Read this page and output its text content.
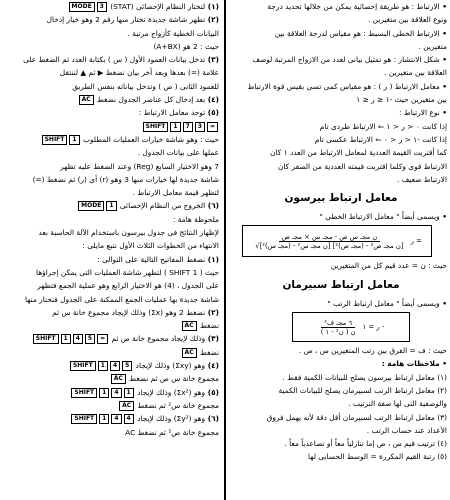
• الارتباط : هو طريقة إحصائية يمكن من خلالها تحديد درجة
ونوع العلاقة بين متغيرين .
• الارتباط الخطى البسيط : هو مقياس لدرجة العلاقة بين
متغيرين .
• شكل الانتشار : هو تمثيل بيانى لعدد من الازواج المرتبة لوصف
العلاقة بين متغيرين .
• معامل الارتباط ( ر ) : هو مقياس كمى تسى بقيس قوة الارتباط
بين متغيرين حيث -١ ≤ ر ≤ ١
• نوع الارتباط :
إذا كانت ٠ < ر < ١ ⇐ الارتباط طردى تام
إذا كانت -١ < ر < ٠ ⇐ الارتباط عكسى تام
كما أقتربت القيمة العددية لمعامل الارتباط من العدد ١ كان
الارتباط قوى وكلما اقتربت قيمته العددية من الصفر كان
الارتباط ضعيف .
معامل ارتباط بيرسون
• ويسمى أيضاً " معامل الارتباط الخطى "
$\frac{\text{ن مجـ س ص - مجـ س × مجـ ص}}{\text{√[ن مجـ س² - (مجـ س)²] [ن مجـ ص² - (مجـ ص)²]}}$ ر =
حيث : ن = عدد قيم كل من المتغيرين
معامل ارتباط سبيرمان
• ويسمى أيضاً " معامل ارتباط الرتب "
$\frac{\text{٦ مجـ ف²}}{\text{ن ( ن² - ١ )}}$ ر = ١ -
حيث : ف = الفرق بين رتب المتغيرين س ، ص .
• ملاحظات هامة :
(١) معامل ارتباط بيرسون يصلح للبيانات الكمية فقط .
(٢) معامل ارتباط الرتب لسبيرمان يصلح للبيانات الكمية
والوصفية التى لها صفة الترتيب .
(٣) معامل ارتباط الرتب لسبيرمان أقل دقة لأنه يهمل فروق
الأعداد عند حساب الرتب .
(٤) ترتيب قيم س ، ص إما تنازلياً معاً أو تصاعدياً معاً .
(٥) رتبة القيم المكررة = الوسط الحسابى لها
(١) لتختار النظام الإحصائى (STAT)
MODE	3
(٢) تظهر شاشة جديدة تختار منها رقم 2 وهو خيار إدخال
البيانات الخطية كأزواج مرتبة .
حيث : 2 هو (A+BX)
(٣) تدخل بيانات العمود الأول ( س ) بكتابة العدد ثم الضغط على
علامة (=) بعدها وبعد أخر بيان نضغط ▶ ثم ▲ لننتقل
للعمود الثانى ( ص ) وتدخل بياناته بنفس الطريق
(٤) بعد إدخال كل عناصر الجدول نضغط
AC
(٥) توجد معامل الارتباط :
SHIFT	1	7	3	=
حيث : وهو شاشة خيارات العمليات المطلوب
SHIFT	1
عملها على بيانات الجدول .
7 وهو الاختيار السابع (Reg) وعند الضغط عليه تظهر
شاشة جديدة لها خيارات منها 3 وهو (r) أى (ر) ثم نضغط (=)
لتظهر قيمة معامل الارتباط .
(٦) الخروج من النظام الإحصائى
MODE	1
ملحوظة هامة :
لإظهار النتائج فى جدول بيرسون باستخدام الآلة الحاسبة بعد
الانتهاء من الخطوات الثلاث الأول نتبع مايلى :
(١) نضغط المفاتيح التالية على التوالى :
حيث ( SHIFT 1 ) لتظهر شاشة العمليات التى يمكن إجراؤها
على الجدول ، (4) هو الاختيار الرابع وهو عملية الجمع فتظهر
شاشة جديدة بها عمليات الجمع الممكنة على الجدول فنختار منها
(٢) نضغط 2 وهو (Σx) وذلك لإيجاد مجموع خانة س ثم
نضغط
AC
(٣) وذلك لإيجاد مجموع خانة ص ثم
SHIFT	1	4	5	=
نضغط
AC
(٤) وهو (Σxy) وذلك لإيجاد
SHIFT	1	4	5
مجموع خانة س ص ثم نضغط
AC
(٥) وهو (Σx²) وذلك لإيجاد
SHIFT	1	4	1
مجموع خانة س² ثم نضغط
AC
(٦) وهو (Σy²) وذلك لإيجاد
SHIFT	1	4	4
مجموع خانة ص² ثم نضغط AC
